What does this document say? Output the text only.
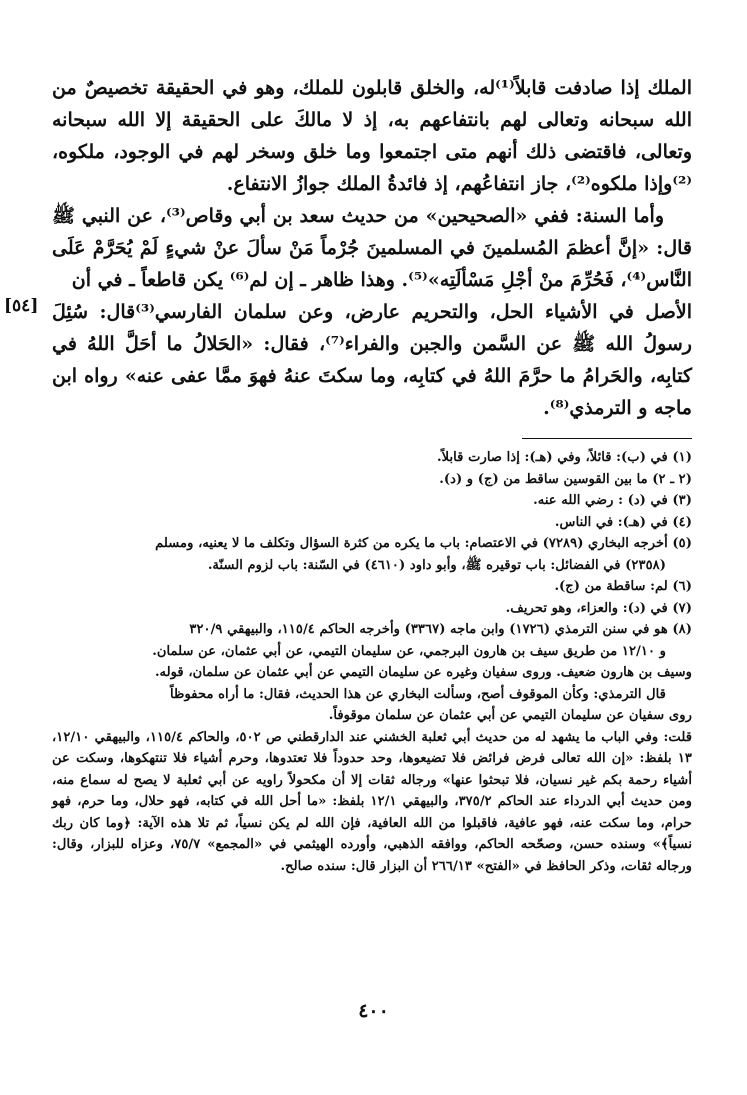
الملك إذا صادفت قابلاً⁽¹⁾له، والخلق قابلون للملك، وهو في الحقيقة تخصيصٌ من الله سبحانه وتعالى لهم بانتفاعهم به، إذ لا مالكَ على الحقيقة إلا الله سبحانه وتعالى، فاقتضى ذلك أنهم متى اجتمعوا وما خلق وسخر لهم في الوجود، ملكوه، ⁽²⁾وإذا ملكوه⁽²⁾، جاز انتفاعُهم، إذ فائدةُ الملك جوازُ الانتفاع.

وأما السنة: ففي «الصحيحين» من حديث سعد بن أبي وقاص⁽³⁾، عن النبي ﷺ قال: «إنَّ أعظمَ المُسلمينَ في المسلمينَ جُرْماً مَنْ سألَ عنْ شيءٍ لَمْ يُحَرَّمْ عَلَى النَّاس⁽⁴⁾، فَحُرِّمَ منْ أجْلِ مَسْألَتِه»⁽⁵⁾. وهذا ظاهر ـ إن لم⁽⁶⁾ يكن قاطعاً ـ في أن

[٥٤] الأصل في الأشياء الحل، والتحريم عارض، وعن سلمان الفارسي⁽³⁾قال: سُئِلَ رسولُ الله ﷺ عن السَّمن والجبن والفراء⁽⁷⁾، فقال: «الحَلالُ ما أحَلَّ اللهُ في كتابِه، والحَرامُ ما حرَّمَ اللهُ في كتابِه، وما سكتَ عنهُ فهوَ ممَّا عفى عنه» رواه ابن ماجه و الترمذي⁽⁸⁾.

(١) في (ب): قائلاً، وفي (هـ): إذا صارت قابلاً.

(٢ ـ ٢) ما بين القوسين ساقط من (ج) و (د).

(٣) في (د) : رضي الله عنه.

(٤) في (هـ): في الناس.

(٥) أخرجه البخاري (٧٢٨٩) في الاعتصام: باب ما يكره من كثرة السؤال وتكلف ما لا يعنيه، ومسلم

(٢٣٥٨) في الفضائل: باب توقيره ﷺ، وأبو داود (٤٦١٠) في السّنة: باب لزوم السنّة.

(٦) لم: ساقطة من (ج).

(٧) في (د): والعزاء، وهو تحريف.

(٨) هو في سنن الترمذي (١٧٢٦) وابن ماجه (٣٣٦٧) وأخرجه الحاكم ١١٥/٤، والبيهقي ٣٢٠/٩

و ١٢/١٠ من طريق سيف بن هارون البرجمي، عن سليمان التيمي، عن أبي عثمان، عن سلمان.

وسيف بن هارون ضعيف. وروى سفيان وغيره عن سليمان التيمي عن أبي عثمان عن سلمان، قوله.

قال الترمذي: وكأن الموقوف أصح، وسألت البخاري عن هذا الحديث، فقال: ما أراه محفوظاً

روى سفيان عن سليمان التيمي عن أبي عثمان عن سلمان موقوفاً.

قلت: وفي الباب ما يشهد له من حديث أبي ثعلبة الخشني عند الدارقطني ص ٥٠٢، والحاكم ١١٥/٤، والبيهقي ١٢/١٠، ١٣ بلفظ: «إن الله تعالى فرض فرائض فلا تضيعوها، وحد حدوداً فلا تعتدوها، وحرم أشياء فلا تنتهكوها، وسكت عن أشياء رحمة بكم غير نسيان، فلا تبحثوا عنها» ورجاله ثقات إلا أن مكحولاً راويه عن أبي ثعلبة لا يصح له سماع منه، ومن حديث أبي الدرداء عند الحاكم ٣٧٥/٢، والبيهقي ١٢/١ بلفظ: «ما أحل الله في كتابه، فهو حلال، وما حرم، فهو حرام، وما سكت عنه، فهو عافية، فاقبلوا من الله العافية، فإن الله لم يكن نسياً، ثم تلا هذه الآية: ﴿وما كان ربك نسياً﴾» وسنده حسن، وصحّحه الحاكم، ووافقه الذهبي، وأورده الهيثمي في «المجمع» ٧٥/٧، وعزاه للبزار، وقال: ورجاله ثقات، وذكر الحافظ في «الفتح» ٢٦٦/١٣ أن البزار قال: سنده صالح.

٤٠٠
